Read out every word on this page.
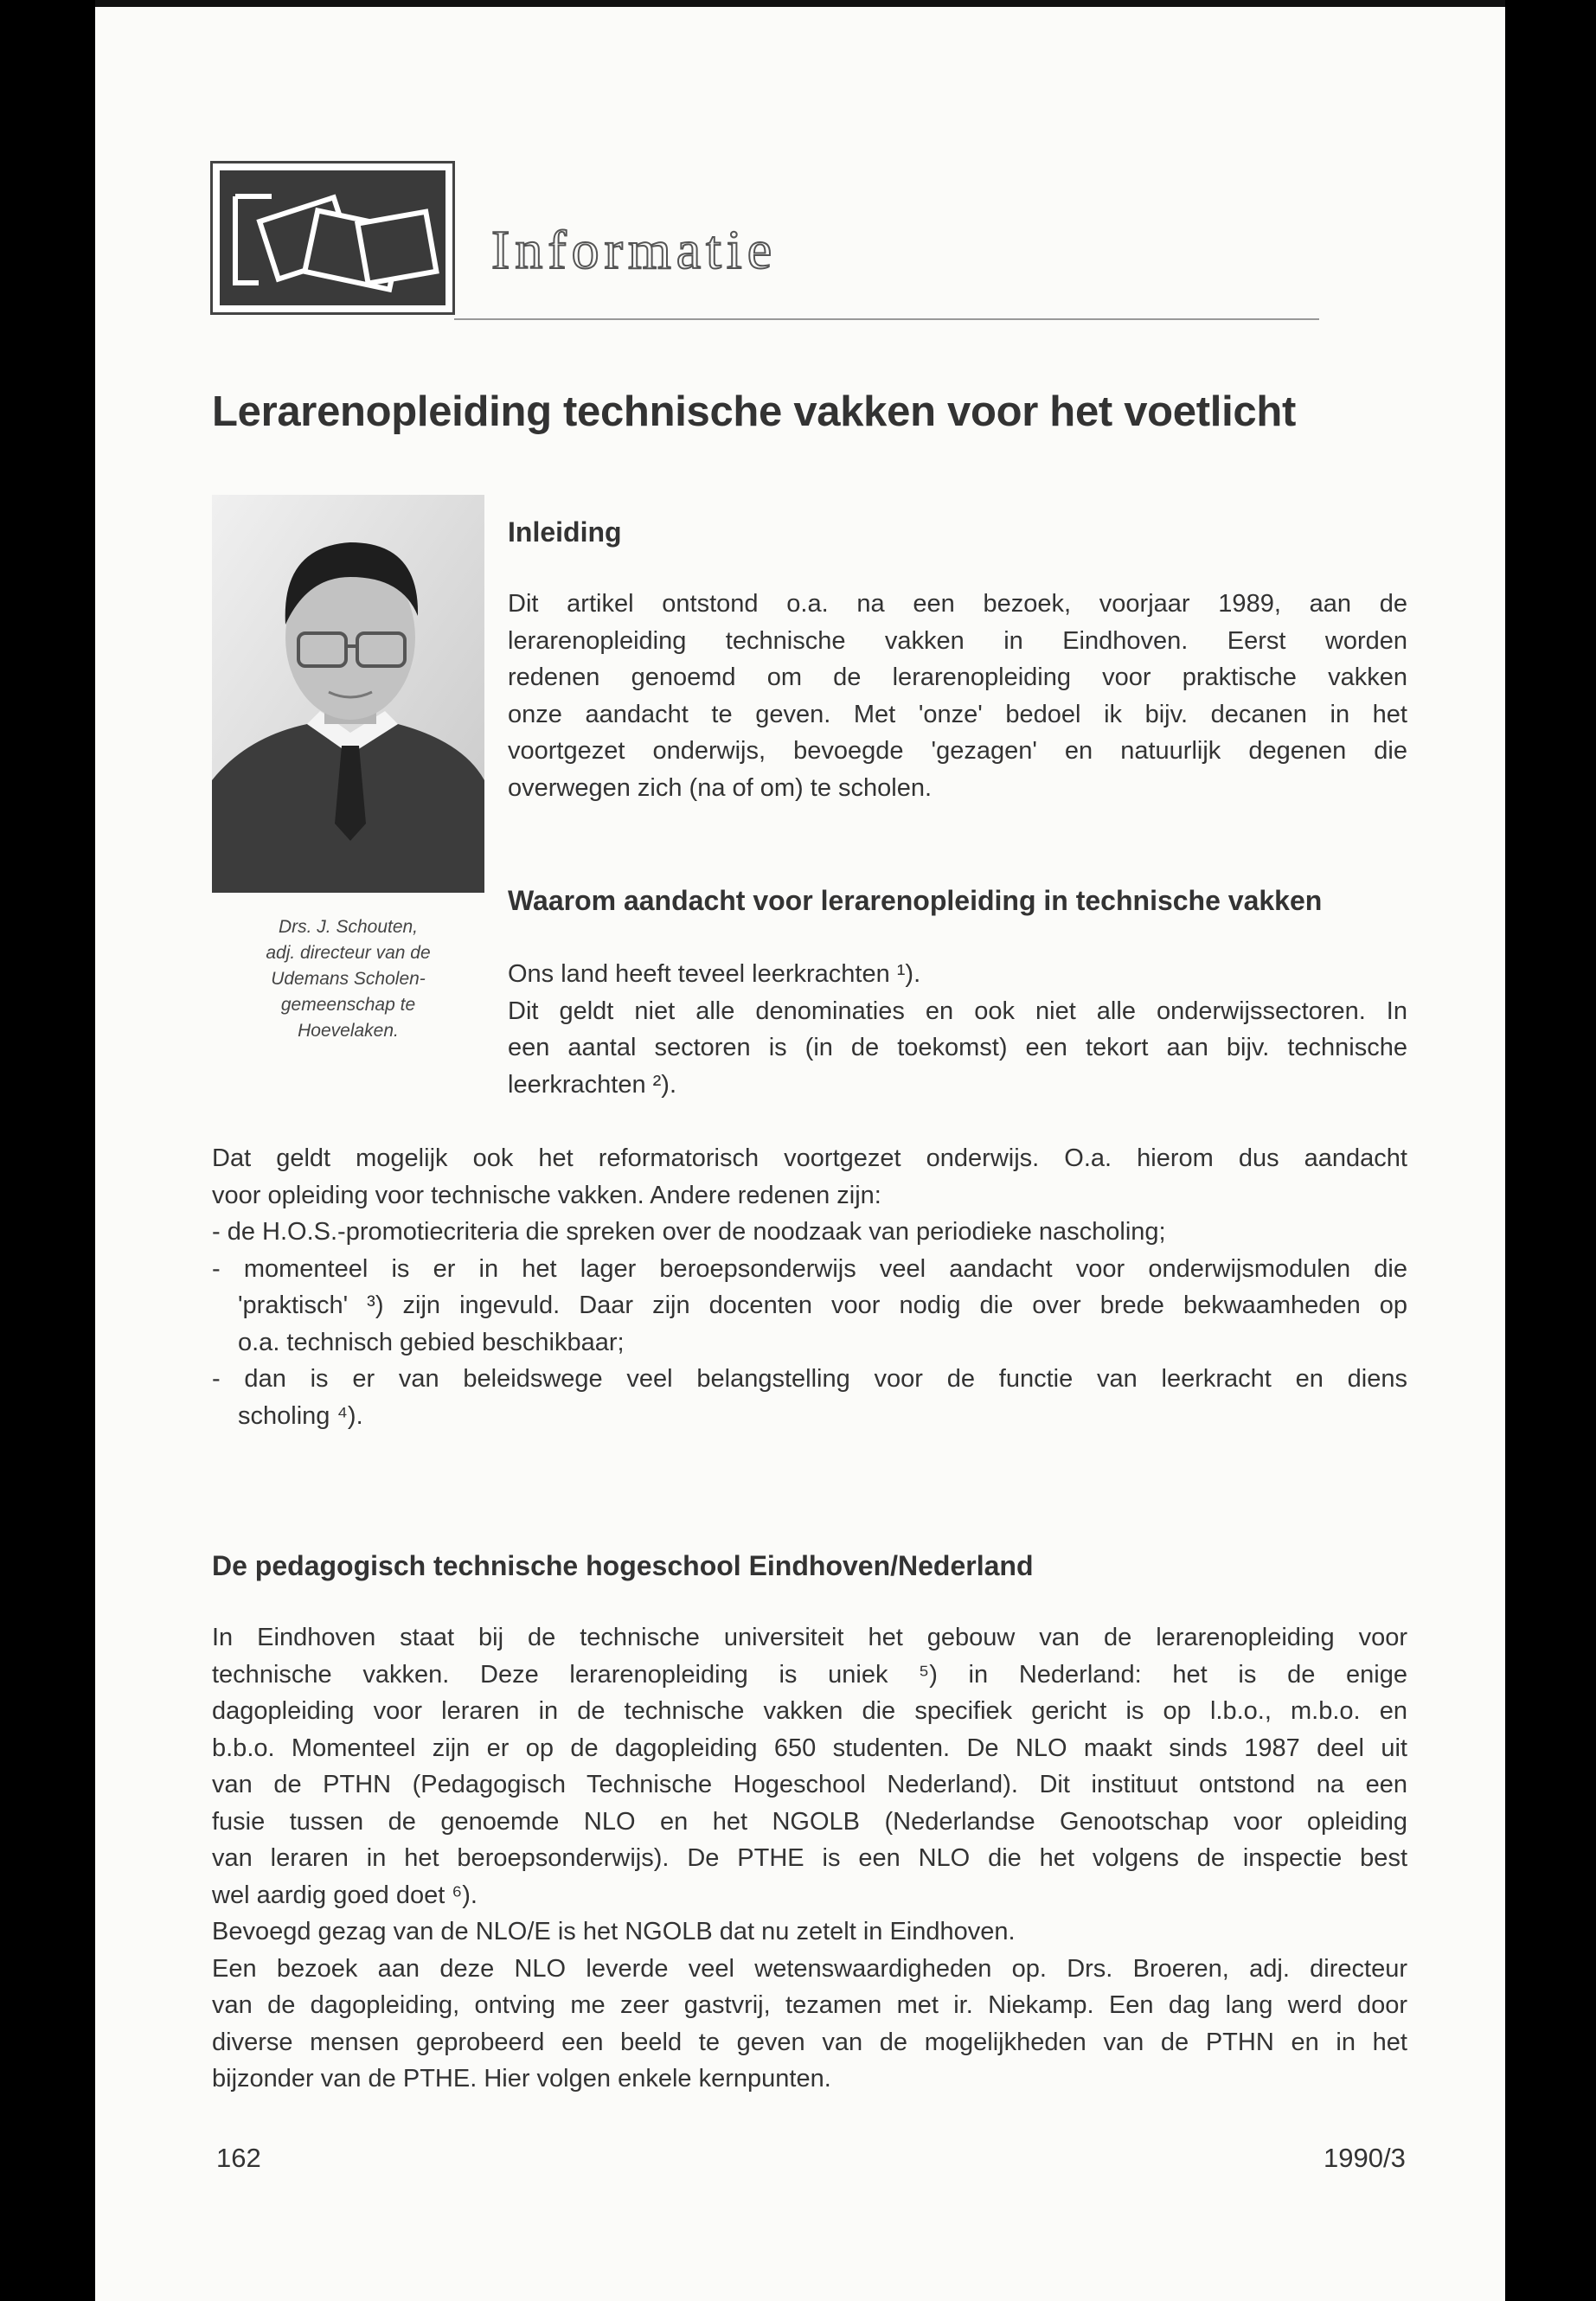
Informatie
Lerarenopleiding technische vakken voor het voetlicht
Drs. J. Schouten,
adj. directeur van de
Udemans Scholen-
gemeenschap te
Hoevelaken.
Inleiding
Dit artikel ontstond o.a. na een bezoek, voorjaar 1989, aan de
lerarenopleiding technische vakken in Eindhoven. Eerst worden
redenen genoemd om de lerarenopleiding voor praktische vakken
onze aandacht te geven. Met 'onze' bedoel ik bijv. decanen in het
voortgezet onderwijs, bevoegde 'gezagen' en natuurlijk degenen die
overwegen zich (na of om) te scholen.
Waarom aandacht voor lerarenopleiding in technische vakken
Ons land heeft teveel leerkrachten ¹).
Dit geldt niet alle denominaties en ook niet alle onderwijssectoren. In
een aantal sectoren is (in de toekomst) een tekort aan bijv. technische
leerkrachten ²).
Dat geldt mogelijk ook het reformatorisch voortgezet onderwijs. O.a. hierom dus aandacht
voor opleiding voor technische vakken. Andere redenen zijn:
- de H.O.S.-promotiecriteria die spreken over de noodzaak van periodieke nascholing;
- momenteel is er in het lager beroepsonderwijs veel aandacht voor onderwijsmodulen die
'praktisch' ³) zijn ingevuld. Daar zijn docenten voor nodig die over brede bekwaamheden op
o.a. technisch gebied beschikbaar;
- dan is er van beleidswege veel belangstelling voor de functie van leerkracht en diens
scholing ⁴).
De pedagogisch technische hogeschool Eindhoven/Nederland
In Eindhoven staat bij de technische universiteit het gebouw van de lerarenopleiding voor
technische vakken. Deze lerarenopleiding is uniek ⁵) in Nederland: het is de enige
dagopleiding voor leraren in de technische vakken die specifiek gericht is op l.b.o., m.b.o. en
b.b.o. Momenteel zijn er op de dagopleiding 650 studenten. De NLO maakt sinds 1987 deel uit
van de PTHN (Pedagogisch Technische Hogeschool Nederland). Dit instituut ontstond na een
fusie tussen de genoemde NLO en het NGOLB (Nederlandse Genootschap voor opleiding
van leraren in het beroepsonderwijs). De PTHE is een NLO die het volgens de inspectie best
wel aardig goed doet ⁶).
Bevoegd gezag van de NLO/E is het NGOLB dat nu zetelt in Eindhoven.
Een bezoek aan deze NLO leverde veel wetenswaardigheden op. Drs. Broeren, adj. directeur
van de dagopleiding, ontving me zeer gastvrij, tezamen met ir. Niekamp. Een dag lang werd door
diverse mensen geprobeerd een beeld te geven van de mogelijkheden van de PTHN en in het
bijzonder van de PTHE. Hier volgen enkele kernpunten.
162	1990/3
